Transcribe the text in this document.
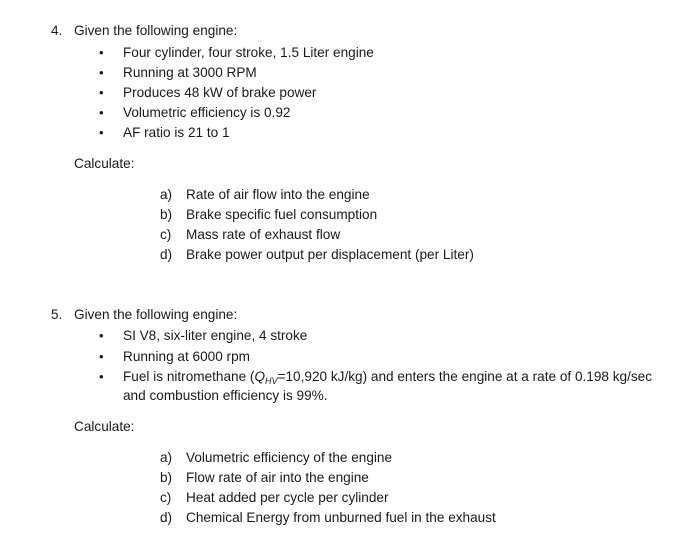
4. Given the following engine:
• Four cylinder, four stroke, 1.5 Liter engine
• Running at 3000 RPM
• Produces 48 kW of brake power
• Volumetric efficiency is 0.92
• AF ratio is 21 to 1
Calculate:
a) Rate of air flow into the engine
b) Brake specific fuel consumption
c) Mass rate of exhaust flow
d) Brake power output per displacement (per Liter)
5. Given the following engine:
• SI V8, six-liter engine, 4 stroke
• Running at 6000 rpm
• Fuel is nitromethane ($Q_{HV}=10,920$ kJ/kg) and enters the engine at a rate of 0.198 kg/sec
and combustion efficiency is 99%.
Calculate:
a) Volumetric efficiency of the engine
b) Flow rate of air into the engine
c) Heat added per cycle per cylinder
d) Chemical Energy from unburned fuel in the exhaust
